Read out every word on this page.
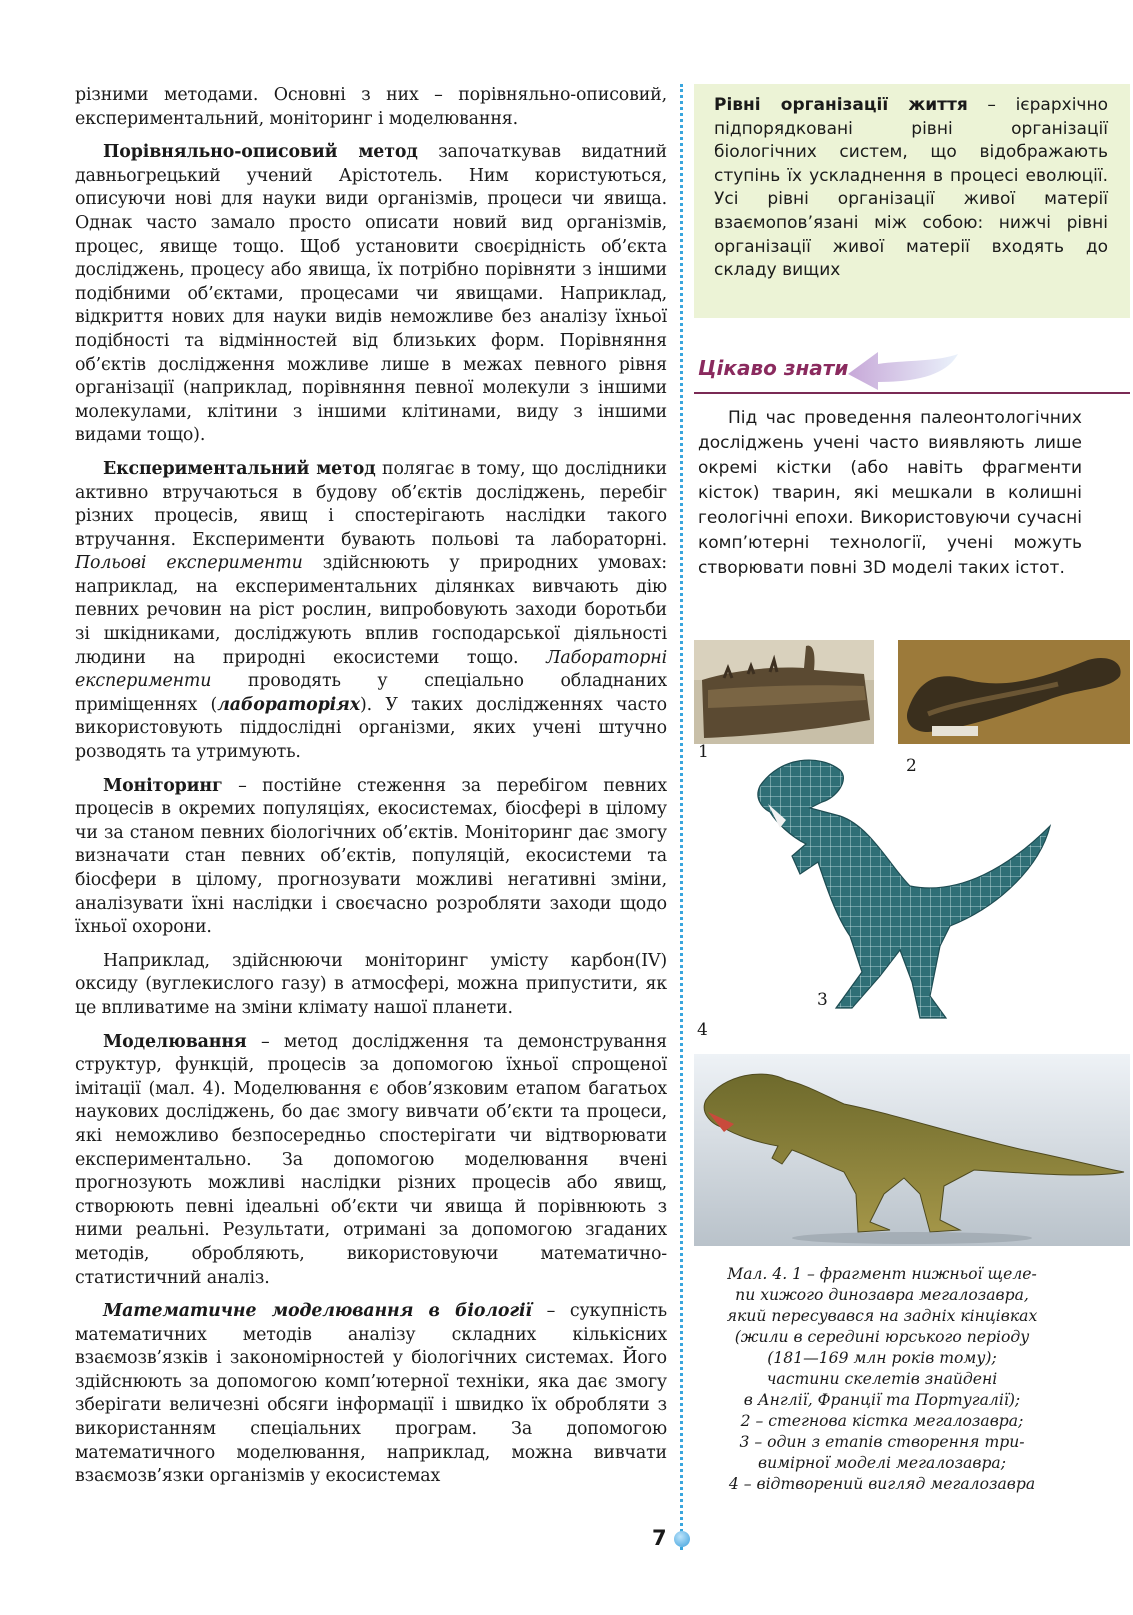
різними методами. Основні з них – порівняльно-описовий, експериментальний, моніторинг і моделювання.

Порівняльно-описовий метод започаткував видатний давньогрецький учений Арістотель. Ним користуються, описуючи нові для науки види організмів, процеси чи явища. Однак часто замало просто описати новий вид організмів, процес, явище тощо. Щоб установити своєрідність об’єкта досліджень, процесу або явища, їх потрібно порівняти з іншими подібними об’єктами, процесами чи явищами. Наприклад, відкриття нових для науки видів неможливе без аналізу їхньої подібності та відмінностей від близьких форм. Порівняння об’єктів дослідження можливе лише в межах певного рівня організації (наприклад, порівняння певної молекули з іншими молекулами, клітини з іншими клітинами, виду з іншими видами тощо).

Експериментальний метод полягає в тому, що дослідники активно втручаються в будову об’єктів досліджень, перебіг різних процесів, явищ і спостерігають наслідки такого втручання. Експерименти бувають польові та лабораторні. Польові експерименти здійснюють у природних умовах: наприклад, на експериментальних ділянках вивчають дію певних речовин на ріст рослин, випробовують заходи боротьби зі шкідниками, досліджують вплив господарської діяльності людини на природні екосистеми тощо. Лабораторні експерименти проводять у спеціально обладнаних приміщеннях (лабораторіях). У таких дослідженнях часто використовують піддослідні організми, яких учені штучно розводять та утримують.

Моніторинг – постійне стеження за перебігом певних процесів в окремих популяціях, екосистемах, біосфері в цілому чи за станом певних біологічних об’єктів. Моніторинг дає змогу визначати стан певних об’єктів, популяцій, екосистеми та біосфери в цілому, прогнозувати можливі негативні зміни, аналізувати їхні наслідки і своєчасно розробляти заходи щодо їхньої охорони.

Наприклад, здійснюючи моніторинг умісту карбон(IV) оксиду (вуглекислого газу) в атмосфері, можна припустити, як це впливатиме на зміни клімату нашої планети.

Моделювання – метод дослідження та демонстрування структур, функцій, процесів за допомогою їхньої спрощеної імітації (мал. 4). Моделювання є обов’язковим етапом багатьох наукових досліджень, бо дає змогу вивчати об’єкти та процеси, які неможливо безпосередньо спостерігати чи відтворювати експериментально. За допомогою моделювання вчені прогнозують можливі наслідки різних процесів або явищ, створюють певні ідеальні об’єкти чи явища й порівнюють з ними реальні. Результати, отримані за допомогою згаданих методів, обробляють, використовуючи математично-статистичний аналіз.

Математичне моделювання в біології – сукупність математичних методів аналізу складних кількісних взаємозв’язків і закономірностей у біологічних системах. Його здійснюють за допомогою комп’ютерної техніки, яка дає змогу зберігати величезні обсяги інформації і швидко їх обробляти з використанням спеціальних програм. За допомогою математичного моделювання, наприклад, можна вивчати взаємозв’язки організмів у екосистемах

Рівні організації життя – ієрархічно підпорядковані рівні організації біологічних систем, що відображають ступінь їх ускладнення в процесі еволюції. Усі рівні організації живої матерії взаємопов’язані між собою: нижчі рівні організації живої матерії входять до складу вищих
Цікаво знати
Під час проведення палеонтологічних досліджень учені часто виявляють лише окремі кістки (або навіть фрагменти кісток) тварин, які мешкали в колишні геологічні епохи. Використовуючи сучасні комп’ютерні технології, учені можуть створювати повні 3D моделі таких істот.
1
2
3
4
Мал. 4. 1 – фрагмент нижньої щеле-
пи хижого динозавра мегалозавра,
який пересувався на задніх кінцівках
(жили в середині юрського періоду
(181—169 млн років тому);
частини скелетів знайдені
в Англії, Франції та Португалії);
2 – стегнова кістка мегалозавра;
3 – один з етапів створення три-
вимірної моделі мегалозавра;
4 – відтворений вигляд мегалозавра
7
